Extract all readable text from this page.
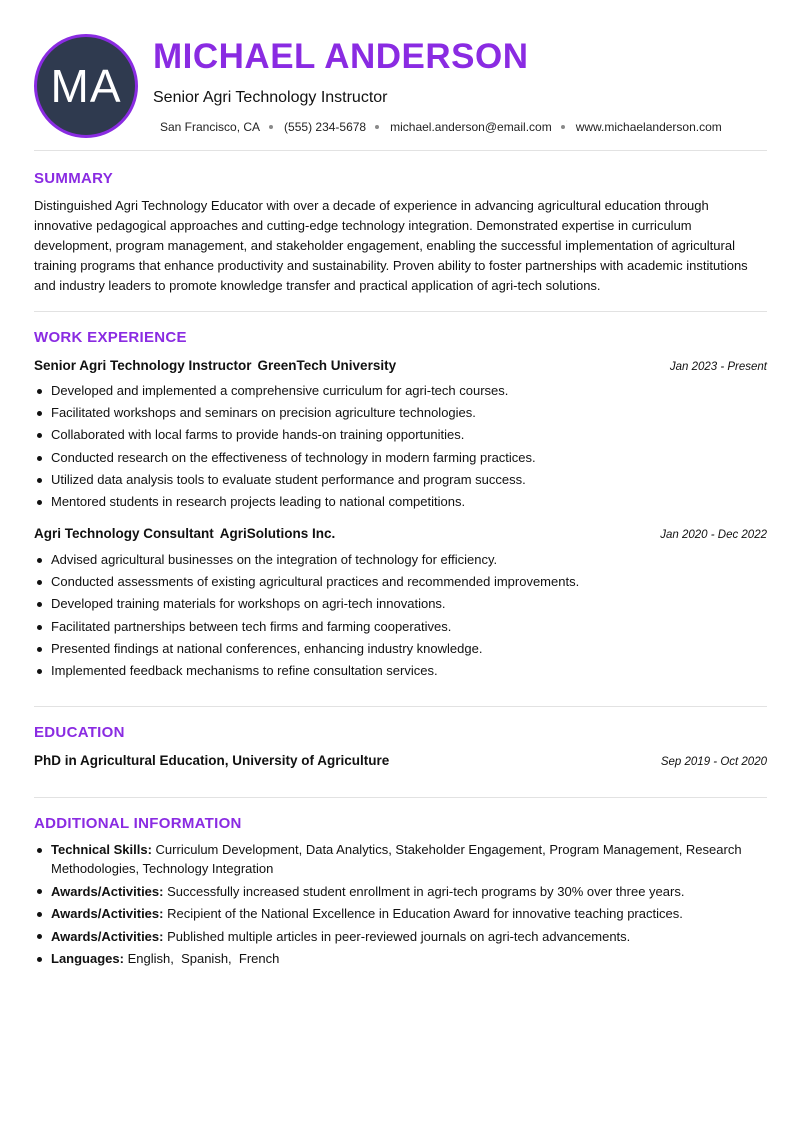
MA
MICHAEL ANDERSON
Senior Agri Technology Instructor
San Francisco, CA (555) 234-5678 michael.anderson@email.com www.michaelanderson.com
SUMMARY

Distinguished Agri Technology Educator with over a decade of experience in advancing agricultural education through innovative pedagogical approaches and cutting-edge technology integration. Demonstrated expertise in curriculum development, program management, and stakeholder engagement, enabling the successful implementation of agricultural training programs that enhance productivity and sustainability. Proven ability to foster partnerships with academic institutions and industry leaders to promote knowledge transfer and practical application of agri-tech solutions.

WORK EXPERIENCE
Senior Agri Technology Instructor GreenTech University	Jan 2023 - Present
Developed and implemented a comprehensive curriculum for agri-tech courses.
Facilitated workshops and seminars on precision agriculture technologies.
Collaborated with local farms to provide hands-on training opportunities.
Conducted research on the effectiveness of technology in modern farming practices.
Utilized data analysis tools to evaluate student performance and program success.
Mentored students in research projects leading to national competitions.
Agri Technology Consultant AgriSolutions Inc.	Jan 2020 - Dec 2022
Advised agricultural businesses on the integration of technology for efficiency.
Conducted assessments of existing agricultural practices and recommended improvements.
Developed training materials for workshops on agri-tech innovations.
Facilitated partnerships between tech firms and farming cooperatives.
Presented findings at national conferences, enhancing industry knowledge.
Implemented feedback mechanisms to refine consultation services.
EDUCATION
PhD in Agricultural Education, University of Agriculture	Sep 2019 - Oct 2020
ADDITIONAL INFORMATION
Technical Skills: Curriculum Development, Data Analytics, Stakeholder Engagement, Program Management, Research Methodologies, Technology Integration
Awards/Activities: Successfully increased student enrollment in agri-tech programs by 30% over three years.
Awards/Activities: Recipient of the National Excellence in Education Award for innovative teaching practices.
Awards/Activities: Published multiple articles in peer-reviewed journals on agri-tech advancements.
Languages: English,  Spanish,  French
